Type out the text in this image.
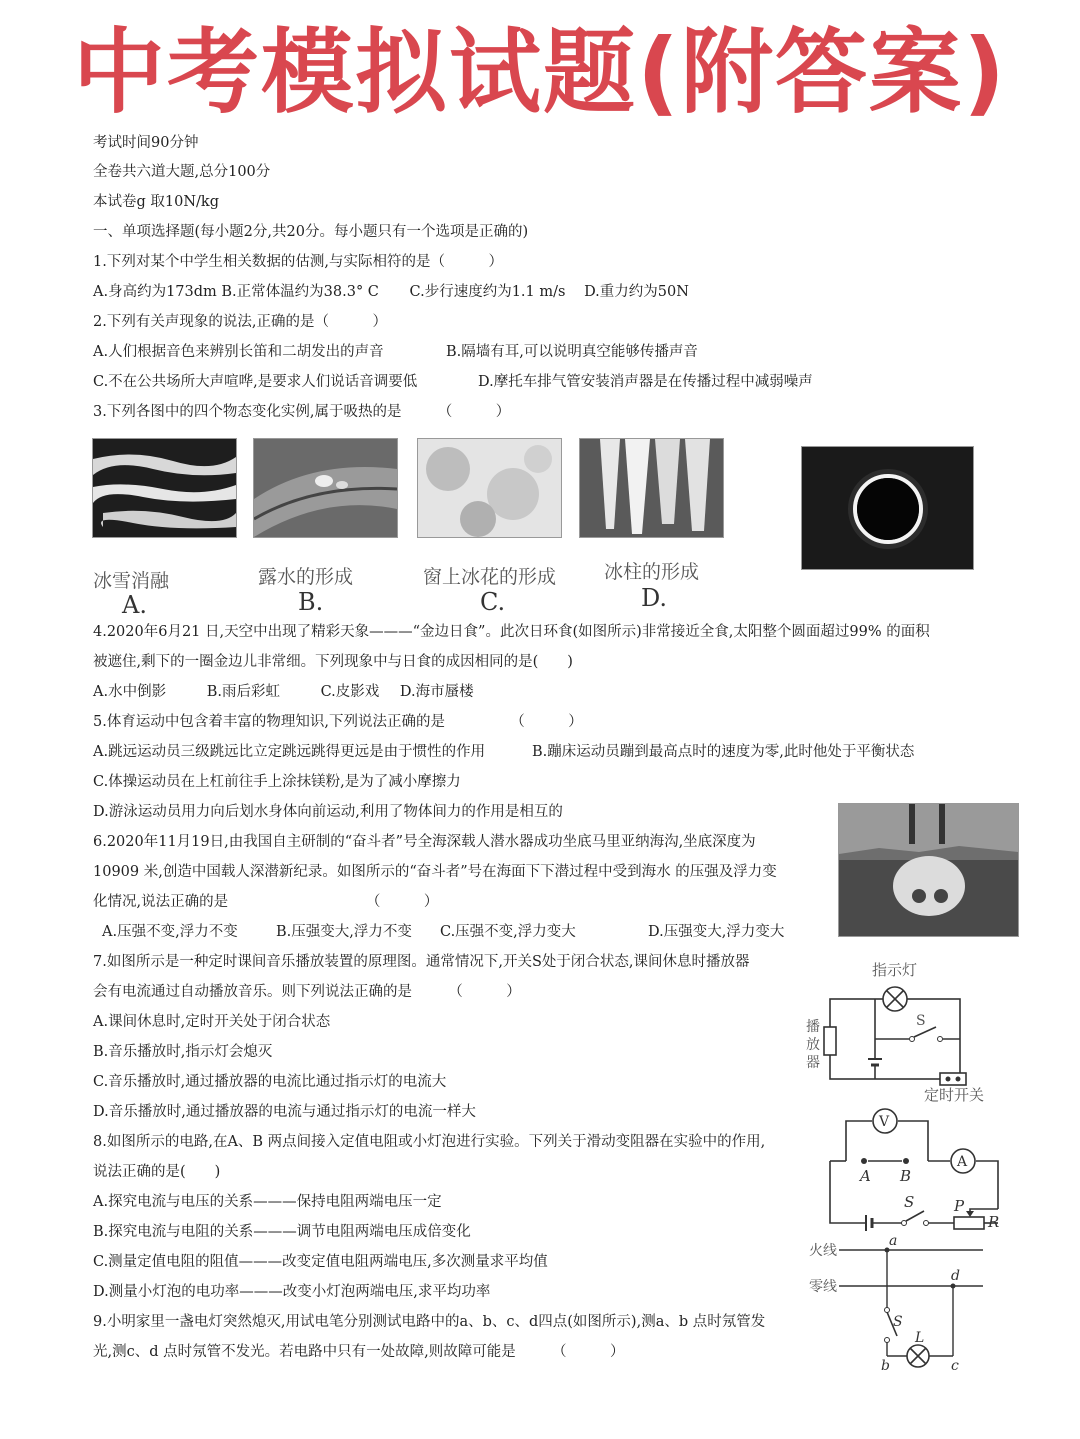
中考模拟试题(附答案)
考试时间90分钟
全卷共六道大题,总分100分
本试卷g 取10N/kg
一、单项选择题(每小题2分,共20分。每小题只有一个选项是正确的)
1.下列对某个中学生相关数据的估测,与实际相符的是（　　　）
A.身高约为173dm B.正常体温约为38.3° C C.步行速度约为1.1 m/s D.重力约为50N
2.下列有关声现象的说法,正确的是（　　　）
A.人们根据音色来辨别长笛和二胡发出的声音	B.隔墙有耳,可以说明真空能够传播声音
C.不在公共场所大声喧哗,是要求人们说话音调要低	D.摩托车排气管安装消声器是在传播过程中减弱噪声
3.下列各图中的四个物态变化实例,属于吸热的是　　　（　　　）
冰雪消融	露水的形成	窗上冰花的形成	冰柱的形成
A.	B.	C.	D.
4.2020年6月21 日,天空中出现了精彩天象———“金边日食”。此次日环食(如图所示)非常接近全食,太阳整个圆面超过99% 的面积
被遮住,剩下的一圈金边儿非常细。下列现象中与日食的成因相同的是(　　)
A.水中倒影	B.雨后彩虹	C.皮影戏 D.海市蜃楼
5.体育运动中包含着丰富的物理知识,下列说法正确的是　　　　　（　　　）
A.跳远运动员三级跳远比立定跳远跳得更远是由于惯性的作用	B.蹦床运动员蹦到最高点时的速度为零,此时他处于平衡状态
C.体操运动员在上杠前往手上涂抹镁粉,是为了减小摩擦力
D.游泳运动员用力向后划水身体向前运动,利用了物体间力的作用是相互的
6.2020年11月19日,由我国自主研制的“奋斗者”号全海深载人潜水器成功坐底马里亚纳海沟,坐底深度为
10909 米,创造中国载人深潜新纪录。如图所示的“奋斗者”号在海面下下潜过程中受到海水 的压强及浮力变
化情况,说法正确的是　　　　　　　　　　（　　　）
A.压强不变,浮力不变	B.压强变大,浮力不变 C.压强不变,浮力变大	D.压强变大,浮力变大
7.如图所示是一种定时课间音乐播放装置的原理图。通常情况下,开关S处于闭合状态,课间休息时播放器
会有电流通过自动播放音乐。则下列说法正确的是　　　（　　　）
A.课间休息时,定时开关处于闭合状态
B.音乐播放时,指示灯会熄灭
C.音乐播放时,通过播放器的电流比通过指示灯的电流大
D.音乐播放时,通过播放器的电流与通过指示灯的电流一样大
指示灯
播
放
器
S
定时开关
8.如图所示的电路,在A、B 两点间接入定值电阻或小灯泡进行实验。下列关于滑动变阻器在实验中的作用,
说法正确的是(　　)
A.探究电流与电压的关系———保持电阻两端电压一定
B.探究电流与电阻的关系———调节电阻两端电压成倍变化
C.测量定值电阻的阻值———改变定值电阻两端电压,多次测量求平均值
D.测量小灯泡的电功率———改变小灯泡两端电压,求平均功率
V
A
A B
S	P
R
9.小明家里一盏电灯突然熄灭,用试电笔分别测试电路中的a、b、c、d四点(如图所示),测a、b 点时氖管发
光,测c、d 点时氖管不发光。若电路中只有一处故障,则故障可能是　　　（　　　）
火线
零线
a
d
S
L
b	c
